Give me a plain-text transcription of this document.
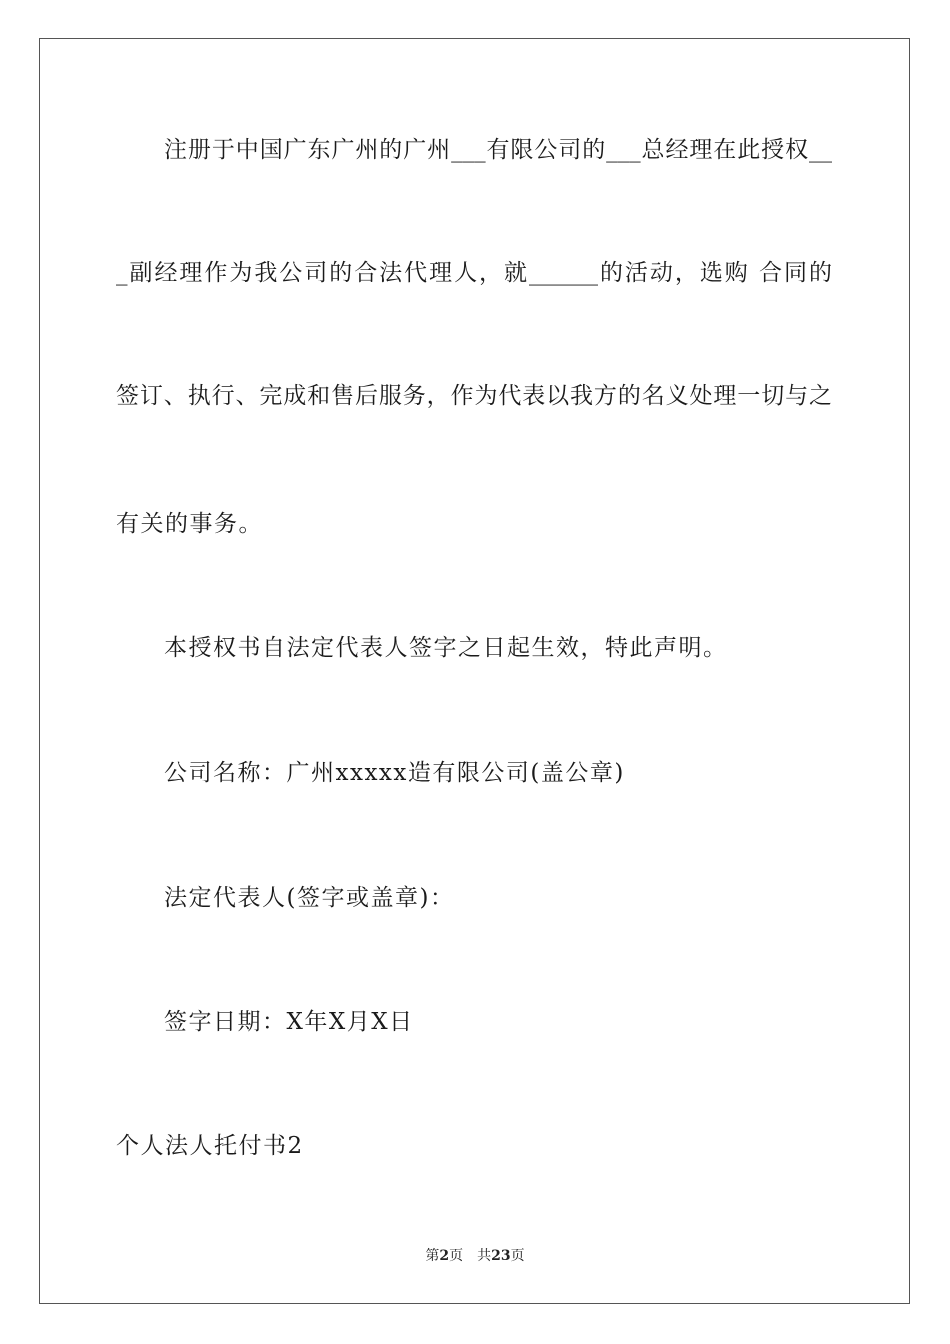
注册于中国广东广州的广州___有限公司的___总经理在此授权__
_副经理作为我公司的合法代理人，就______的活动，选购 合同的
签订、执行、完成和售后服务，作为代表以我方的名义处理一切与之
有关的事务。
本授权书自法定代表人签字之日起生效，特此声明。
公司名称：广州xxxxx造有限公司(盖公章)
法定代表人(签字或盖章)：
签字日期：X年X月X日
个人法人托付书2
第2页 共23页
